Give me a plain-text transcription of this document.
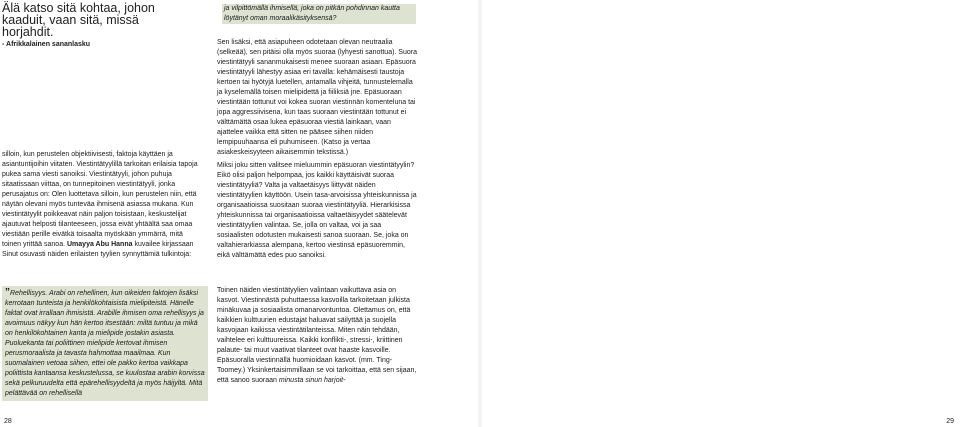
Älä katso sitä kohtaa, johon kaaduit, vaan sitä, missä horjahdit.
- Afrikkalainen sananlasku

silloin, kun perustelen objektiivisesti, faktoja käyttäen ja asiantuntijoihin viitaten. Viestintätyylillä tarkoitan erilaisia tapoja pukea sama viesti sanoiksi. Viestintätyyli, johon puhuja sitaatissaan viittaa, on tunnepitoinen viestintätyyli, jonka perusajatus on: Olen luottetava silloin, kun perustelen niin, että näytän olevani myös tunteväa ihmisenä asiassa mukana. Kun viestintätyylit poikkeavat näin paljon toisistaan, keskustelijat ajautuvat helposti tilanteeseen, jossa eivät yhtäältä saa omaa viestiään perille eivätkä toisaalta myöskään ymmärrä, mitä toinen yrittää sanoa. Umayya Abu Hanna kuvailee kirjassaan Sinut osuvasti näiden erilaisten tyylien synnyttämiä tulkintoja:

”Rehellisyys. Arabi on rehellinen, kun oikeiden faktojen lisäksi kerrotaan tunteista ja henkilökohtaisista mielipiteistä. Hänelle faktat ovat irrallaan ihmisistä. Arabille ihmisen oma rehellisyys ja avoimuus näkyy kun hän kertoo itsestään: miltä tuntuu ja mikä on henkilökohtainen kanta ja mielipide jostakin asiasta. Puoluekanta tai poliittinen mielipide kertovat ihmisen perusmoraalista ja tavasta hahmottaa maailmaa. Kun suomalainen vetoaa siihen, ettei ole pakko kertoa vaikkapa poliittista kantaansa keskustelussa, se kuulostaa arabin korvissa sekä pelkuruudelta että epärehellisyydeltä ja myös häijyltä. Mitä pelättävää on rehellisellä
28
ja vilpittömällä ihmisellä, joka on pitkän pohdinnan kautta löytänyt oman moraalikäsityksensä?

Sen lisäksi, että asiapuheen odotetaan olevan neutraalia (selkeää), sen pitäisi olla myös suoraa (lyhyesti sanottua). Suora viestintätyyli sananmukaisesti menee suoraan asiaan. Epäsuora viestintätyyli lähestyy asiaa eri tavalla: kehämäisesti taustoja kertoen tai hyötyjä luetellen, antamalla vihjeitä, tunnustelemalla ja kyselemällä toisen mielipidettä ja fiiliksiä jne. Epäsuoraan viestintään tottunut voi kokea suoran viestinnän komentelunа tai jopa aggressiivisena, kun taas suoraan viestintään tottunut ei välttämättä osaa lukea epäsuoraa viestiä lainkaan, vaan ajattelee vaikka että sitten ne pääsee siihen niiden lempipuuhaansa eli puhumiseen. (Katso ja vertaa asiakeskeisyyteen aikaisemmin tekstissä.)

Miksi joku sitten valitsee mieluummin epäsuoran viestintätyylin? Eikö olisi paljon helpompaa, jos kaikki käyttäisivät suoraa viestintätyyliä? Valta ja valtaetäisyys liittyvät näiden viestintätyylien käyttöön. Usein tasa-arvoisissa yhteiskunnissa ja organisaatioissa suositaan suoraa viestintätyyliä. Hierarkisissa yhteiskunnissa tai organisaatioissa valtaetäisyydet säätelevät viestintätyylien valintaa. Se, jolla on valtaa, voi ja saa sosiaalisten odotusten mukaisesti sanoa suoraan. Se, joka on valtahierarkiassa alempana, kertoo viestinsä epäsuoremmin, eikä välttämättä edes puo sanoiksi.

Toinen näiden viestintätyylien valintaan vaikuttava asia on kasvot. Viestinnästä puhuttaessa kasvoilla tarkoitetaan julkista minäkuvaa ja sosiaalista omanarvontuntoa. Olettamus on, että kaikkien kulttuurien edustajat haluavat säilyttää ja suojella kasvojaan kaikissa viestintätilanteissa. Miten näin tehdään, vaihtelee eri kulttuureissa. Kaikki konflikti-, stressi-, kriittinen palaute- tai muut vaativat tilanteet ovat haaste kasvoille. Epäsuoralla viestinnällä huomioidaan kasvot. (mm. Ting-Toomey.) Yksinkertaisimmillaan se voi tarkoittaa, että sen sijaan, että sanoo suoraan minusta sinun harjoit-

29
